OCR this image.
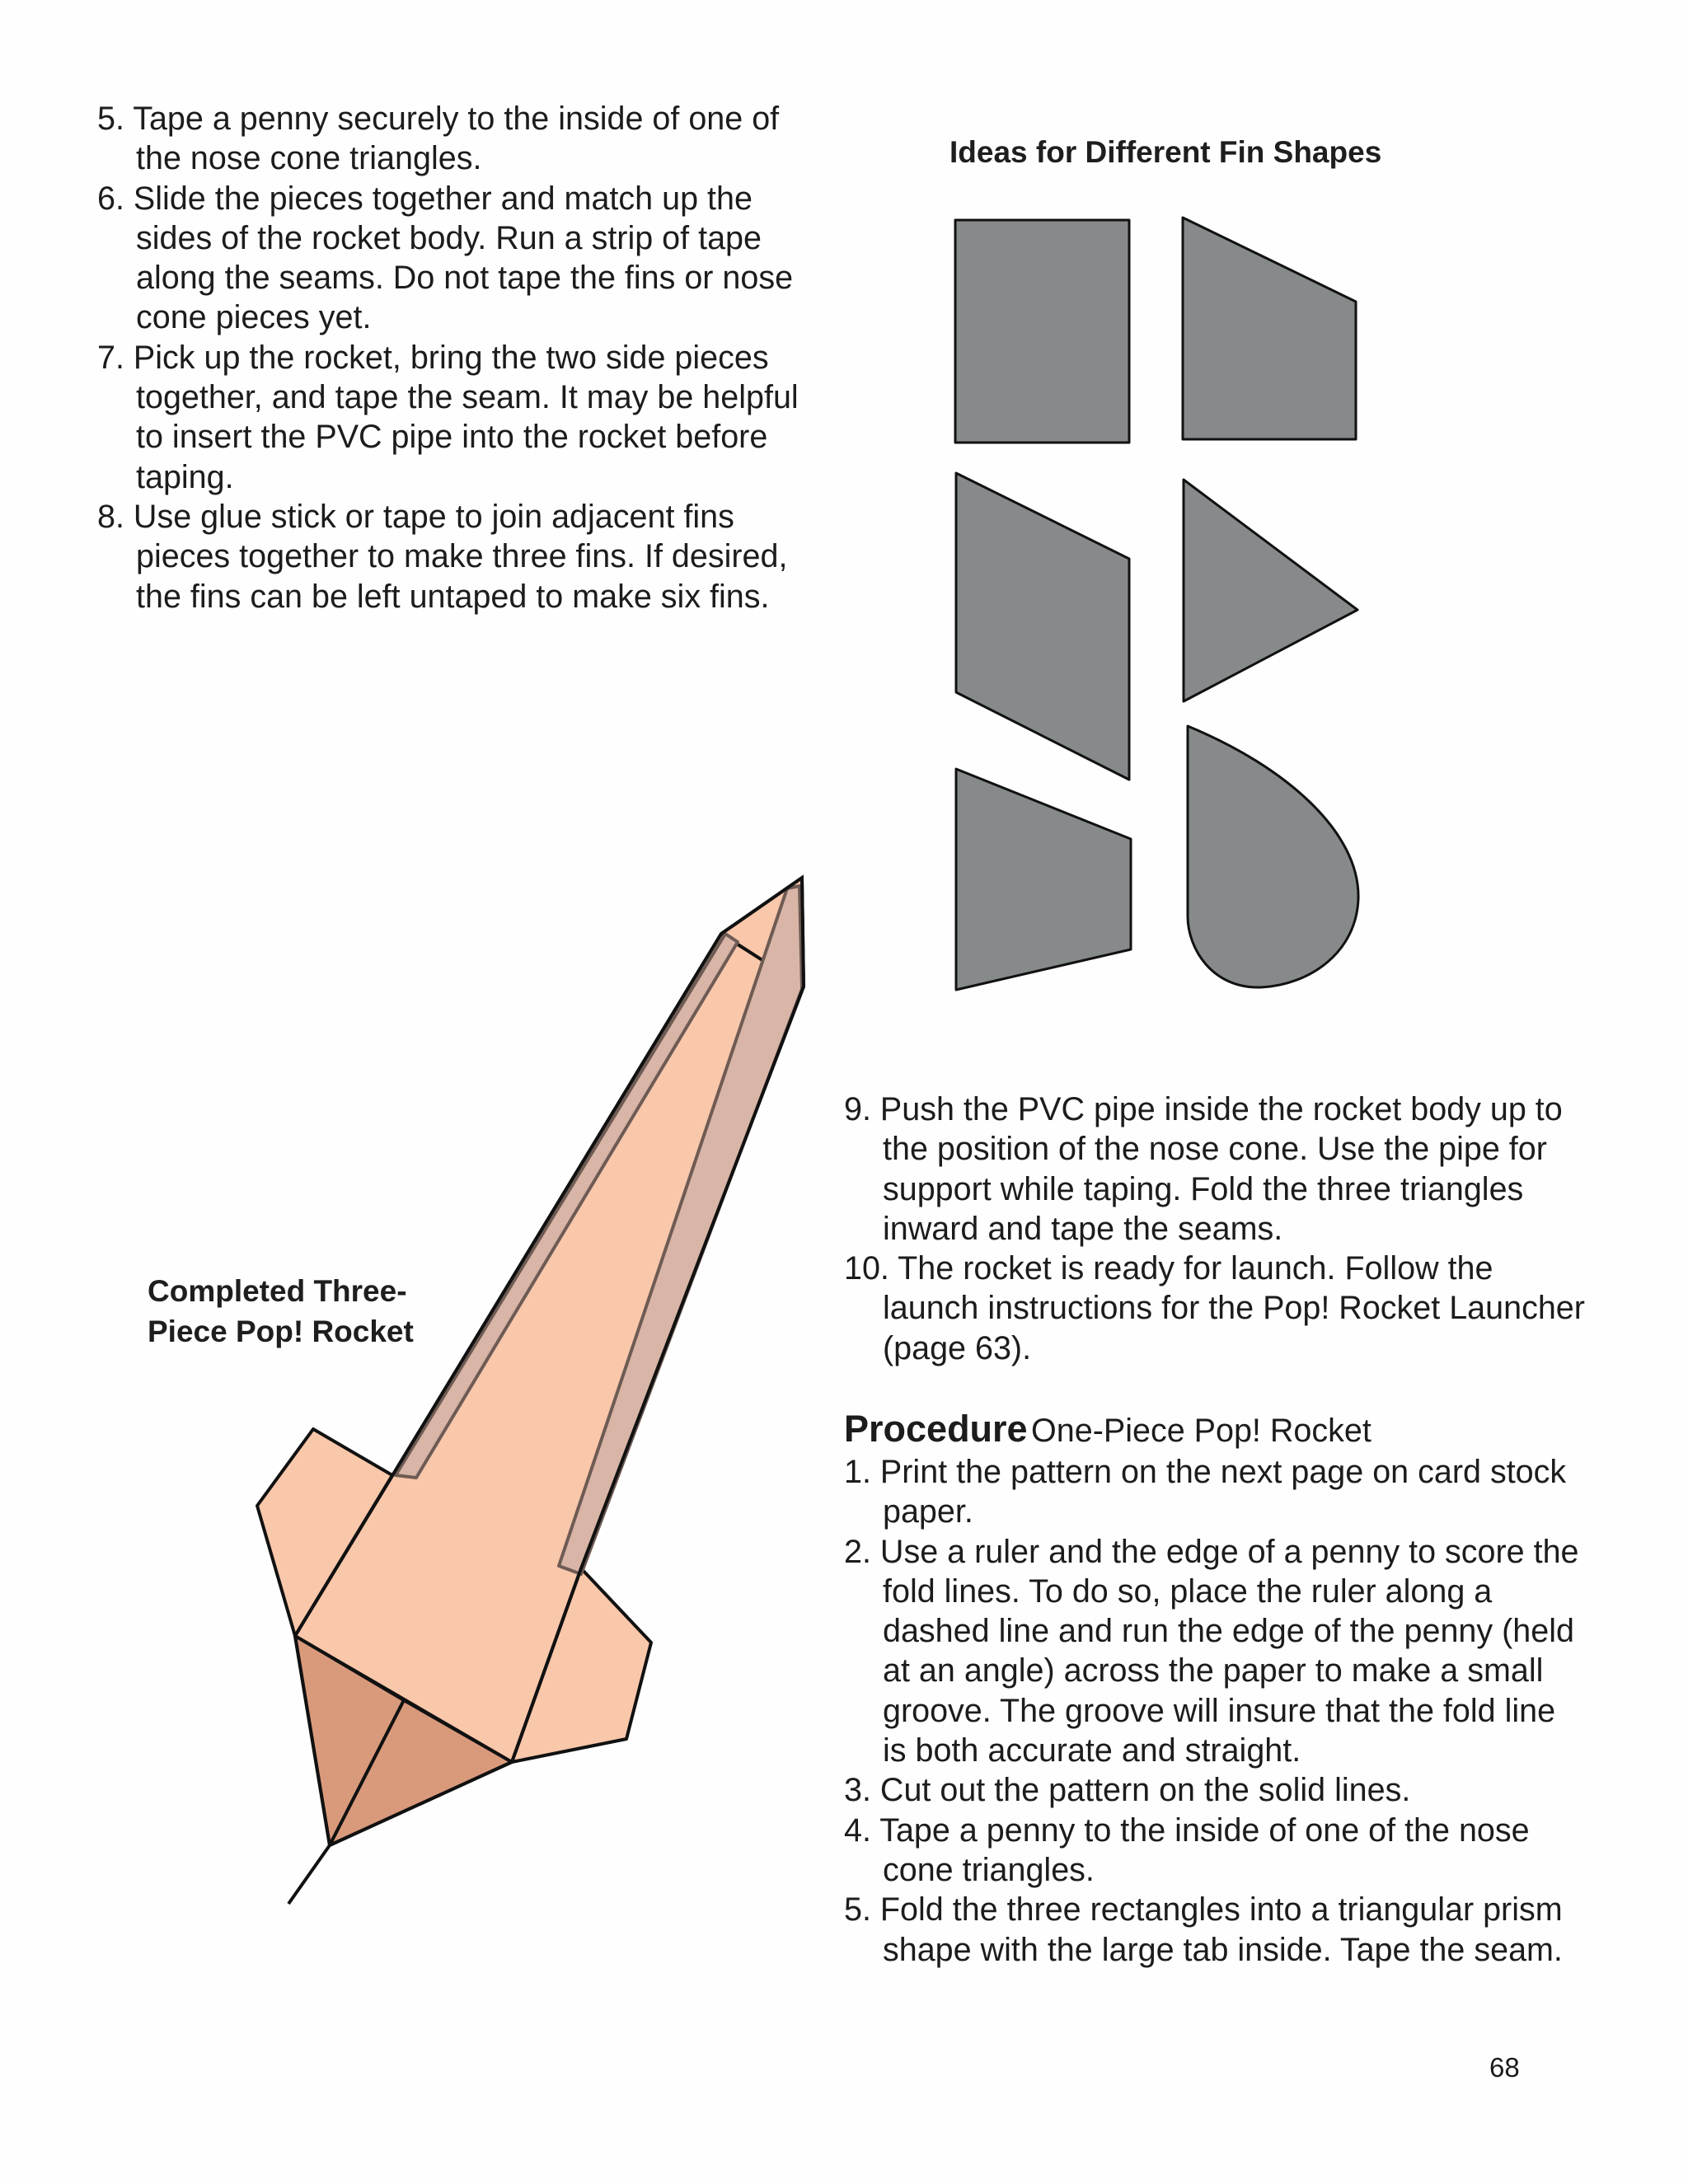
5. Tape a penny securely to the inside of one of the nose cone triangles.
6. Slide the pieces together and match up the sides of the rocket body. Run a strip of tape along the seams. Do not tape the fins or nose cone pieces yet.
7. Pick up the rocket, bring the two side pieces together, and tape the seam. It may be helpful to insert the PVC pipe into the rocket before taping.
8. Use glue stick or tape to join adjacent fins pieces together to make three fins. If desired, the fins can be left untaped to make six fins.
Ideas for Different Fin Shapes
Completed Three-Piece Pop! Rocket
9. Push the PVC pipe inside the rocket body up to the position of the nose cone. Use the pipe for support while taping. Fold the three triangles inward and tape the seams.
10. The rocket is ready for launch. Follow the launch instructions for the Pop! Rocket Launcher (page 63).
Procedure One-Piece Pop! Rocket
1. Print the pattern on the next page on card stock paper.
2. Use a ruler and the edge of a penny to score the fold lines. To do so, place the ruler along a dashed line and run the edge of the penny (held at an angle) across the paper to make a small groove. The groove will insure that the fold line is both accurate and straight.
3. Cut out the pattern on the solid lines.
4. Tape a penny to the inside of one of the nose cone triangles.
5. Fold the three rectangles into a triangular prism shape with the large tab inside. Tape the seam.
68
